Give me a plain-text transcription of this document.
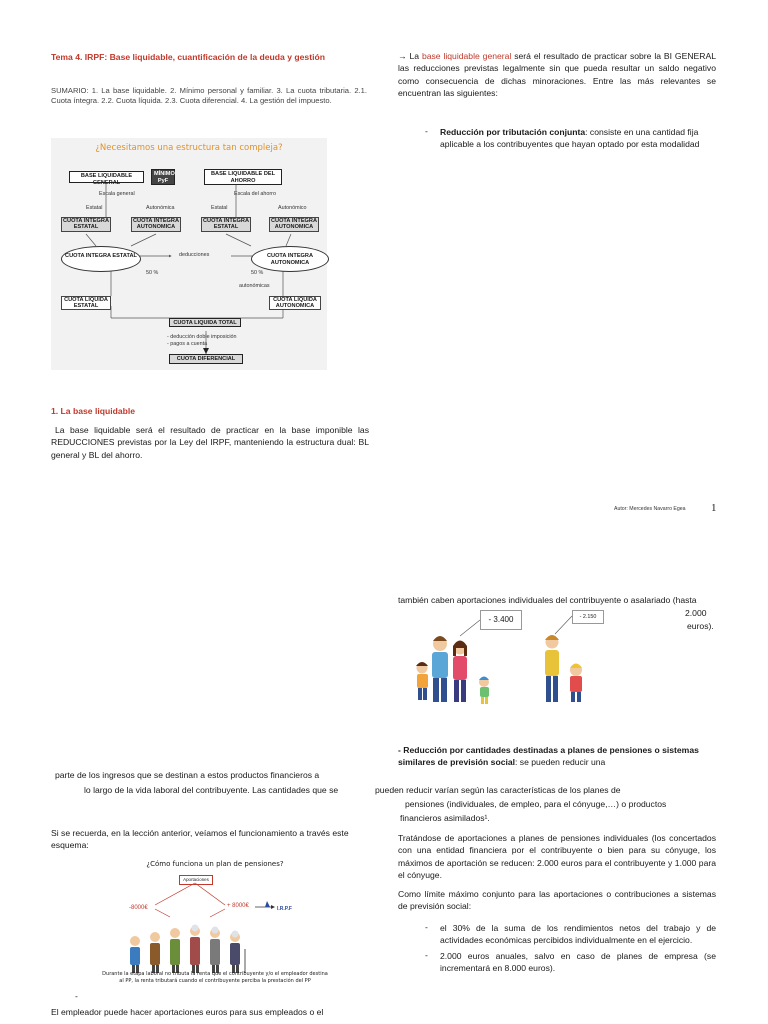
Tema 4. IRPF: Base liquidable, cuantificación de la deuda y gestión
SUMARIO: 1. La base liquidable. 2. Mínimo personal y familiar. 3. La cuota tributaria. 2.1. Cuota íntegra. 2.2. Cuota líquida. 2.3. Cuota diferencial. 4. La gestión del impuesto.
¿Necesitamos una estructura tan compleja?
BASE LIQUIDABLE GENERAL
MÍNIMO PyF
BASE LIQUIDABLE DEL AHORRO
Escala general	Escala del ahorro
Estatal	Autonómica	Estatal	Autonómico
CUOTA INTEGRA ESTATAL
CUOTA INTEGRA AUTONOMICA
CUOTA INTEGRA ESTATAL
CUOTA INTEGRA AUTONOMICA
CUOTA INTEGRA ESTATAL	deducciones	CUOTA INTEGRA AUTONOMICA
50 %	50 %
autonómicas
CUOTA LIQUIDA ESTATAL
CUOTA LIQUIDA AUTONOMICA
CUOTA LIQUIDA TOTAL
- deducción doble imposición
- pagos a cuenta
CUOTA DIFERENCIAL
1. La base liquidable
La base liquidable será el resultado de practicar en la base imponible las REDUCCIONES previstas por la Ley del IRPF, manteniendo la estructura dual: BL general y BL del ahorro.
→ La base liquidable general será el resultado de practicar sobre la BI GENERAL las reducciones previstas legalmente sin que pueda resultar un saldo negativo como consecuencia de dichas minoraciones. Entre las más relevantes se encuentran las siguientes:
- Reducción por tributación conjunta: consiste en una cantidad fija aplicable a los contribuyentes que hayan optado por esta modalidad
Autor: Mercedes Navarro Egea 1
también caben aportaciones individuales del contribuyente o asalariado (hasta
2.000
euros).
- 3.400	- 2.150
- Reducción por cantidades destinadas a planes de pensiones o sistemas similares de previsión social: se pueden reducir una
parte de los ingresos que se destinan a estos productos financieros a
lo largo de la vida laboral del contribuyente. Las cantidades que se	pueden reducir varían según las características de los planes de
pensiones (individuales, de empleo, para el cónyuge,…) o productos
financieros asimilados¹.
Si se recuerda, en la lección anterior, veíamos el funcionamiento a través este esquema:
¿Cómo funciona un plan de pensiones?
Aportaciones
-8000€	+ 8000€	I.R.P.F
Durante la etapa laboral no tributa la renta que el contribuyente y/o el empleador destina al PP, la renta tributará cuando el contribuyente perciba la prestación del PP
-
El empleador puede hacer aportaciones euros para sus empleados o el
Tratándose de aportaciones a planes de pensiones individuales (los concertados con una entidad financiera por el contribuyente o bien para su cónyuge, los máximos de aportación se reducen: 2.000 euros para el contribuyente y 1.000 para el cónyuge.
Como límite máximo conjunto para las aportaciones o contribuciones a sistemas de previsión social:
- el 30% de la suma de los rendimientos netos del trabajo y de actividades económicas percibidos individualmente en el ejercicio.
- 2.000 euros anuales, salvo en caso de planes de empresa (se incrementará en 8.000 euros).
